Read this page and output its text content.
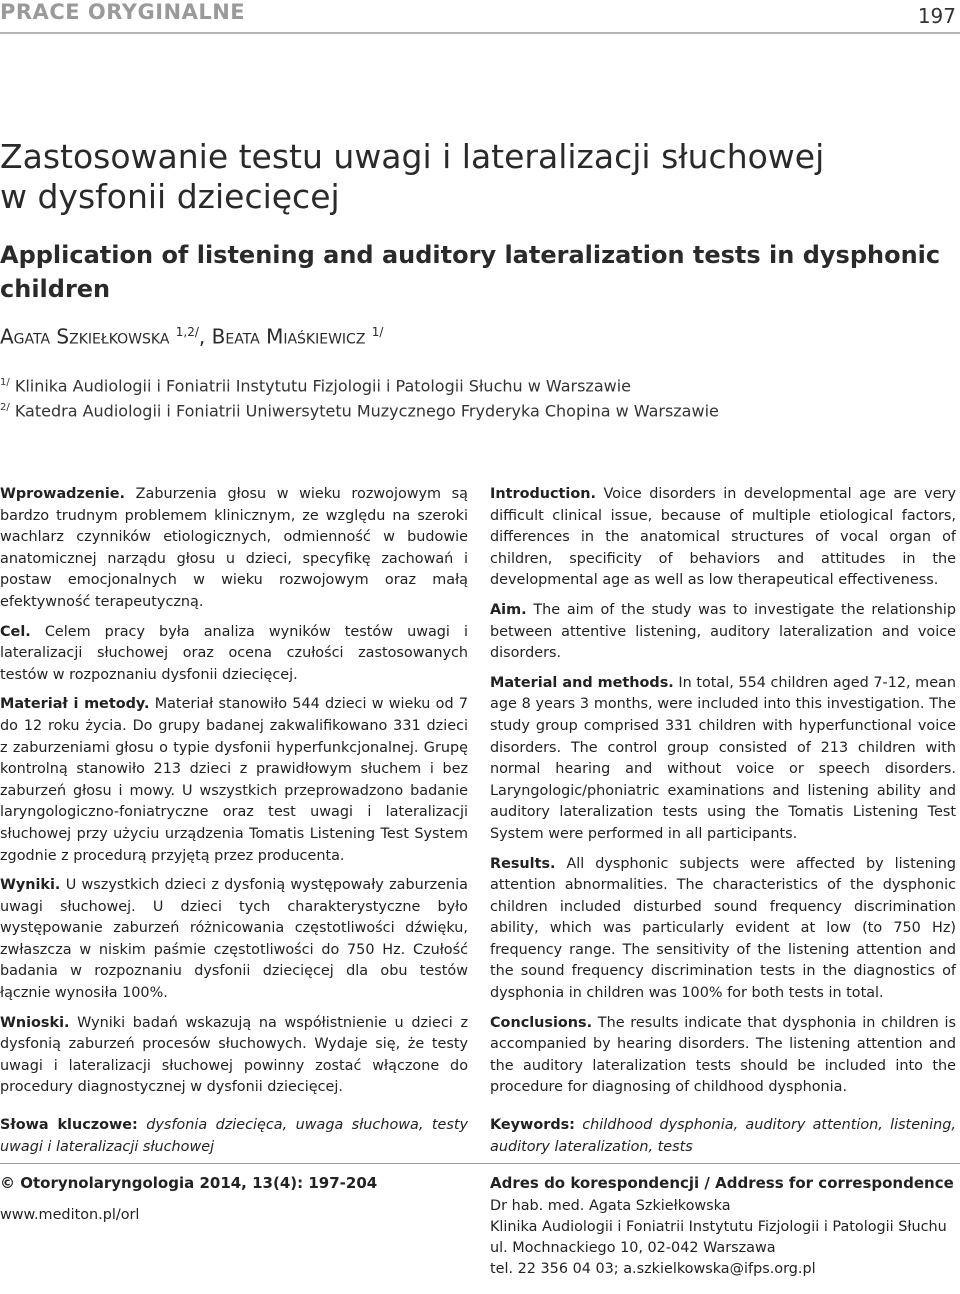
PRACE ORYGINALNE	197
Zastosowanie testu uwagi i lateralizacji słuchowej
w dysfonii dziecięcej
Application of listening and auditory lateralization tests in dysphonic children
Agata Szkiełkowska $^{1,2/}$, Beata Miaśkiewicz $^{1/}$
$^{1/}$ Klinika Audiologii i Foniatrii Instytutu Fizjologii i Patologii Słuchu w Warszawie
$^{2/}$ Katedra Audiologii i Foniatrii Uniwersytetu Muzycznego Fryderyka Chopina w Warszawie

Wprowadzenie. Zaburzenia głosu w wieku rozwojowym są bardzo trudnym problemem klinicznym, ze względu na szeroki wachlarz czynników etiologicznych, odmienność w budowie anatomicznej narządu głosu u dzieci, specyfikę zachowań i postaw emocjonalnych w wieku rozwojowym oraz małą efektywność terapeutyczną.

Cel. Celem pracy była analiza wyników testów uwagi i lateralizacji słuchowej oraz ocena czułości zastosowanych testów w rozpoznaniu dysfonii dziecięcej.

Materiał i metody. Materiał stanowiło 544 dzieci w wieku od 7 do 12 roku życia. Do grupy badanej zakwalifikowano 331 dzieci z zaburzeniami głosu o typie dysfonii hyperfunkcjonalnej. Grupę kontrolną stanowiło 213 dzieci z prawidłowym słuchem i bez zaburzeń głosu i mowy. U wszystkich przeprowadzono badanie laryngologiczno-foniatryczne oraz test uwagi i lateralizacji słuchowej przy użyciu urządzenia Tomatis Listening Test System zgodnie z procedurą przyjętą przez producenta.

Wyniki. U wszystkich dzieci z dysfonią występowały zaburzenia uwagi słuchowej. U dzieci tych charakterystyczne było występowanie zaburzeń różnicowania częstotliwości dźwięku, zwłaszcza w niskim paśmie częstotliwości do 750 Hz. Czułość badania w rozpoznaniu dysfonii dziecięcej dla obu testów łącznie wynosiła 100%.

Wnioski. Wyniki badań wskazują na współistnienie u dzieci z dysfonią zaburzeń procesów słuchowych. Wydaje się, że testy uwagi i lateralizacji słuchowej powinny zostać włączone do procedury diagnostycznej w dysfonii dziecięcej.

Słowa kluczowe: dysfonia dziecięca, uwaga słuchowa, testy uwagi i lateralizacji słuchowej

Introduction. Voice disorders in developmental age are very difficult clinical issue, because of multiple etiological factors, differences in the anatomical structures of vocal organ of children, specificity of behaviors and attitudes in the developmental age as well as low therapeutical effectiveness.

Aim. The aim of the study was to investigate the relationship between attentive listening, auditory lateralization and voice disorders.

Material and methods. In total, 554 children aged 7-12, mean age 8 years 3 months, were included into this investigation. The study group comprised 331 children with hyperfunctional voice disorders. The control group consisted of 213 children with normal hearing and without voice or speech disorders. Laryngologic/phoniatric examinations and listening ability and auditory lateralization tests using the Tomatis Listening Test System were performed in all participants.

Results. All dysphonic subjects were affected by listening attention abnormalities. The characteristics of the dysphonic children included disturbed sound frequency discrimination ability, which was particularly evident at low (to 750 Hz) frequency range. The sensitivity of the listening attention and the sound frequency discrimination tests in the diagnostics of dysphonia in children was 100% for both tests in total.

Conclusions. The results indicate that dysphonia in children is accompanied by hearing disorders. The listening attention and the auditory lateralization tests should be included into the procedure for diagnosing of childhood dysphonia.

Keywords: childhood dysphonia, auditory attention, listening, auditory lateralization, tests

© Otorynolaryngologia 2014, 13(4): 197-204
www.mediton.pl/orl
Adres do korespondencji / Address for correspondence
Dr hab. med. Agata Szkiełkowska
Klinika Audiologii i Foniatrii Instytutu Fizjologii i Patologii Słuchu
ul. Mochnackiego 10, 02-042 Warszawa
tel. 22 356 04 03; a.szkielkowska@ifps.org.pl
